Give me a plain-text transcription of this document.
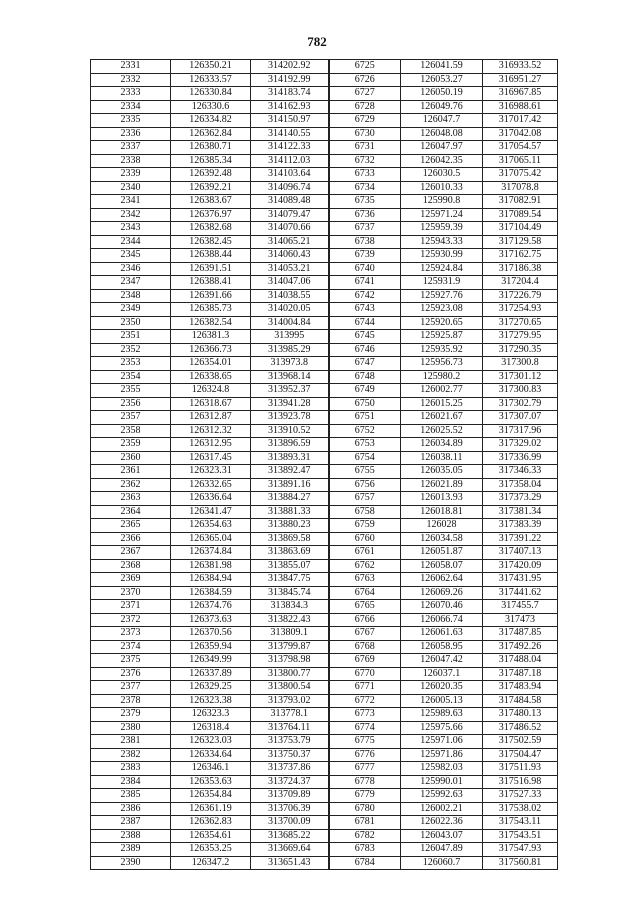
782
2331	126350.21	314202.92	6725	126041.59	316933.52
2332	126333.57	314192.99	6726	126053.27	316951.27
2333	126330.84	314183.74	6727	126050.19	316967.85
2334	126330.6	314162.93	6728	126049.76	316988.61
2335	126334.82	314150.97	6729	126047.7	317017.42
2336	126362.84	314140.55	6730	126048.08	317042.08
2337	126380.71	314122.33	6731	126047.97	317054.57
2338	126385.34	314112.03	6732	126042.35	317065.11
2339	126392.48	314103.64	6733	126030.5	317075.42
2340	126392.21	314096.74	6734	126010.33	317078.8
2341	126383.67	314089.48	6735	125990.8	317082.91
2342	126376.97	314079.47	6736	125971.24	317089.54
2343	126382.68	314070.66	6737	125959.39	317104.49
2344	126382.45	314065.21	6738	125943.33	317129.58
2345	126388.44	314060.43	6739	125930.99	317162.75
2346	126391.51	314053.21	6740	125924.84	317186.38
2347	126388.41	314047.06	6741	125931.9	317204.4
2348	126391.66	314038.55	6742	125927.76	317226.79
2349	126385.73	314020.05	6743	125923.08	317254.93
2350	126382.54	314004.84	6744	125920.65	317270.65
2351	126381.3	313995	6745	125925.87	317279.95
2352	126366.73	313985.29	6746	125935.92	317290.35
2353	126354.01	313973.8	6747	125956.73	317300.8
2354	126338.65	313968.14	6748	125980.2	317301.12
2355	126324.8	313952.37	6749	126002.77	317300.83
2356	126318.67	313941.28	6750	126015.25	317302.79
2357	126312.87	313923.78	6751	126021.67	317307.07
2358	126312.32	313910.52	6752	126025.52	317317.96
2359	126312.95	313896.59	6753	126034.89	317329.02
2360	126317.45	313893.31	6754	126038.11	317336.99
2361	126323.31	313892.47	6755	126035.05	317346.33
2362	126332.65	313891.16	6756	126021.89	317358.04
2363	126336.64	313884.27	6757	126013.93	317373.29
2364	126341.47	313881.33	6758	126018.81	317381.34
2365	126354.63	313880.23	6759	126028	317383.39
2366	126365.04	313869.58	6760	126034.58	317391.22
2367	126374.84	313863.69	6761	126051.87	317407.13
2368	126381.98	313855.07	6762	126058.07	317420.09
2369	126384.94	313847.75	6763	126062.64	317431.95
2370	126384.59	313845.74	6764	126069.26	317441.62
2371	126374.76	313834.3	6765	126070.46	317455.7
2372	126373.63	313822.43	6766	126066.74	317473
2373	126370.56	313809.1	6767	126061.63	317487.85
2374	126359.94	313799.87	6768	126058.95	317492.26
2375	126349.99	313798.98	6769	126047.42	317488.04
2376	126337.89	313800.77	6770	126037.1	317487.18
2377	126329.25	313800.54	6771	126020.35	317483.94
2378	126323.38	313793.02	6772	126005.13	317484.58
2379	126323.3	313778.1	6773	125989.63	317480.13
2380	126318.4	313764.11	6774	125975.66	317486.52
2381	126323.03	313753.79	6775	125971.06	317502.59
2382	126334.64	313750.37	6776	125971.86	317504.47
2383	126346.1	313737.86	6777	125982.03	317511.93
2384	126353.63	313724.37	6778	125990.01	317516.98
2385	126354.84	313709.89	6779	125992.63	317527.33
2386	126361.19	313706.39	6780	126002.21	317538.02
2387	126362.83	313700.09	6781	126022.36	317543.11
2388	126354.61	313685.22	6782	126043.07	317543.51
2389	126353.25	313669.64	6783	126047.89	317547.93
2390	126347.2	313651.43	6784	126060.7	317560.81
